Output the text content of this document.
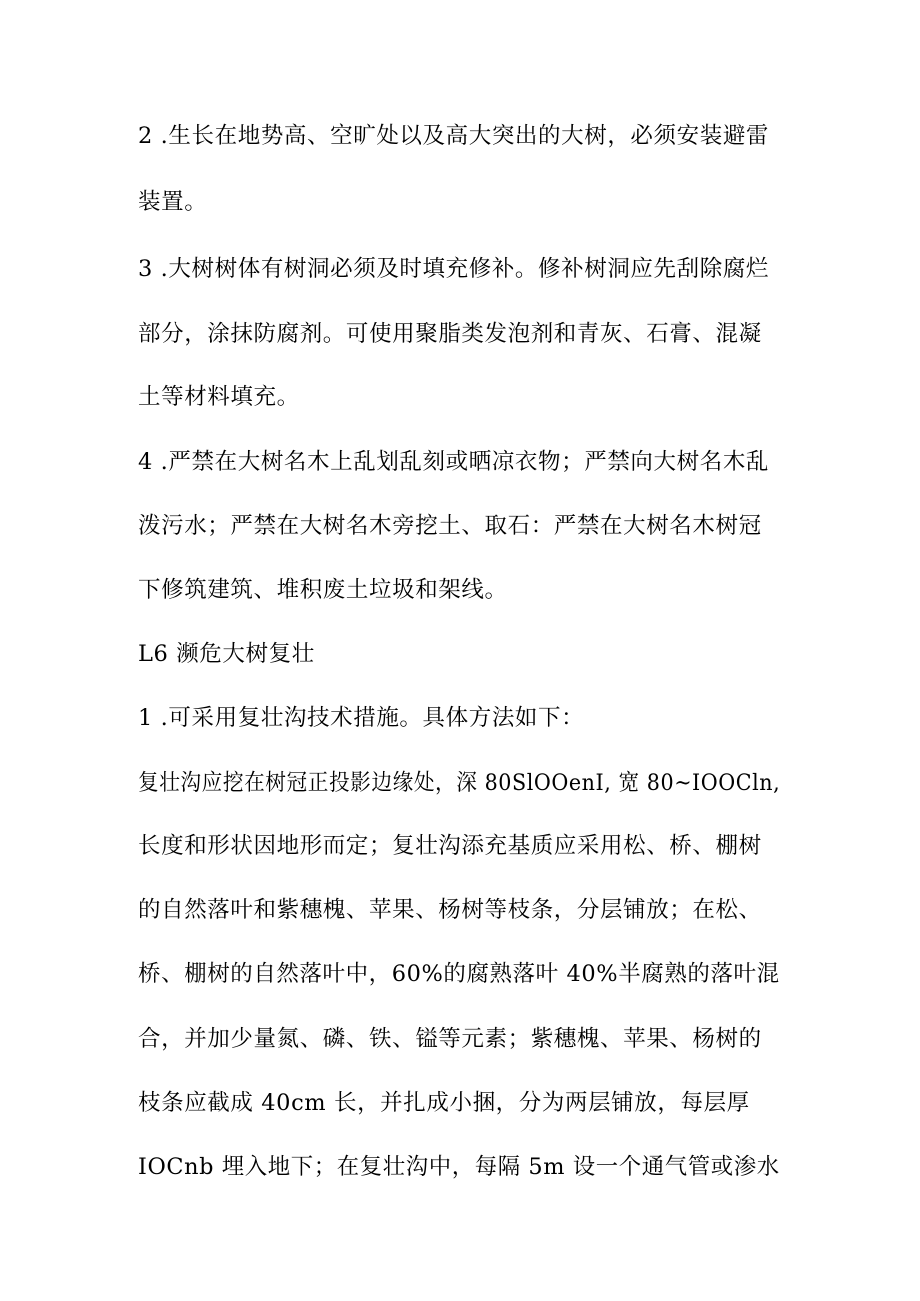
2 .生长在地势高、空旷处以及高大突出的大树，必须安装避雷
装置。
3 .大树树体有树洞必须及时填充修补。修补树洞应先刮除腐烂
部分，涂抹防腐剂。可使用聚脂类发泡剂和青灰、石膏、混凝
土等材料填充。
4 .严禁在大树名木上乱划乱刻或晒凉衣物；严禁向大树名木乱
泼污水；严禁在大树名木旁挖土、取石：严禁在大树名木树冠
下修筑建筑、堆积废土垃圾和架线。
L6 濒危大树复壮
1 .可采用复壮沟技术措施。具体方法如下：
复壮沟应挖在树冠正投影边缘处，深 80SlOOenI, 宽 80~IOOCln,
长度和形状因地形而定；复壮沟添充基质应采用松、桥、棚树
的自然落叶和紫穗槐、苹果、杨树等枝条，分层铺放；在松、
桥、棚树的自然落叶中，60%的腐熟落叶 40%半腐熟的落叶混
合，并加少量氮、磷、铁、镒等元素；紫穗槐、苹果、杨树的
枝条应截成 40cm 长，并扎成小捆，分为两层铺放，每层厚
IOCnb 埋入地下；在复壮沟中，每隔 5m 设一个通气管或渗水
